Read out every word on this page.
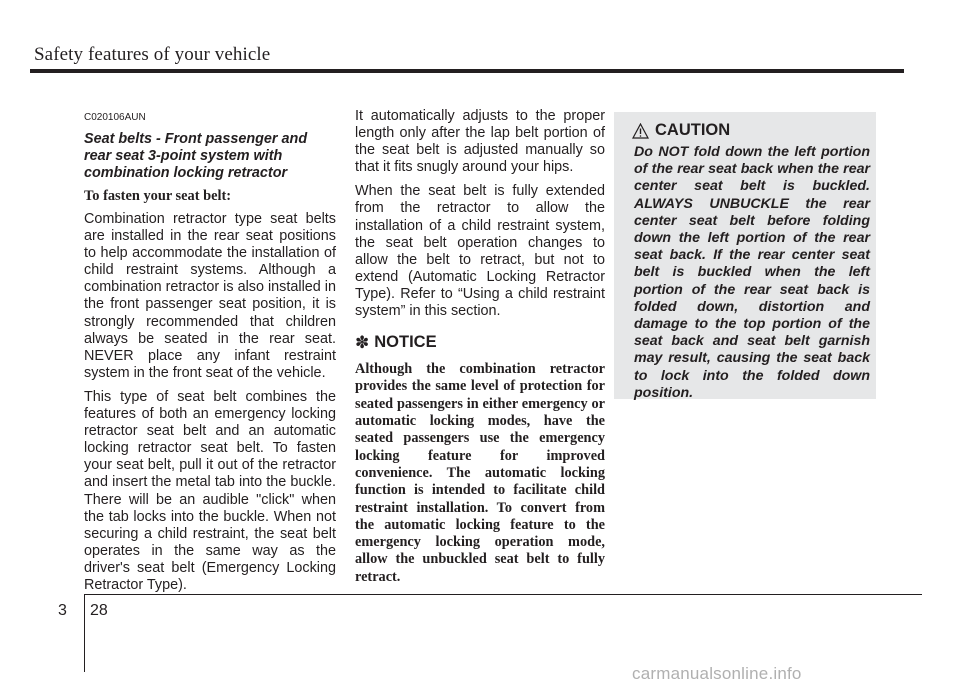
Safety features of your vehicle
C020106AUN
Seat belts - Front passenger and rear seat 3-point system with combination locking retractor
To fasten your seat belt:

Combination retractor type seat belts are installed in the rear seat positions to help accommodate the installation of child restraint systems. Although a combination retractor is also installed in the front passenger seat position, it is strongly recommended that children always be seated in the rear seat. NEVER place any infant restraint system in the front seat of the vehicle.

This type of seat belt combines the features of both an emergency locking retractor seat belt and an automatic locking retractor seat belt. To fasten your seat belt, pull it out of the retractor and insert the metal tab into the buckle. There will be an audible "click" when the tab locks into the buckle. When not securing a child restraint, the seat belt operates in the same way as the driver's seat belt (Emergency Locking Retractor Type).

It automatically adjusts to the proper length only after the lap belt portion of the seat belt is adjusted manually so that it fits snugly around your hips.

When the seat belt is fully extended from the retractor to allow the installation of a child restraint system, the seat belt operation changes to allow the belt to retract, but not to extend (Automatic Locking Retractor Type). Refer to “Using a child restraint system” in this section.

✽ NOTICE
Although the combination retractor provides the same level of protection for seated passengers in either emergency or automatic locking modes, have the seated passengers use the emergency locking feature for improved convenience. The automatic locking function is intended to facilitate child restraint installation. To convert from the automatic locking feature to the emergency locking operation mode, allow the unbuckled seat belt to fully retract.
CAUTION
Do NOT fold down the left portion of the rear seat back when the rear center seat belt is buckled. ALWAYS UNBUCKLE the rear center seat belt before folding down the left portion of the rear seat back. If the rear center seat belt is buckled when the left portion of the rear seat back is folded down, distortion and damage to the top portion of the seat back and seat belt garnish may result, causing the seat back to lock into the folded down position.
3 28
carmanualsonline.info
